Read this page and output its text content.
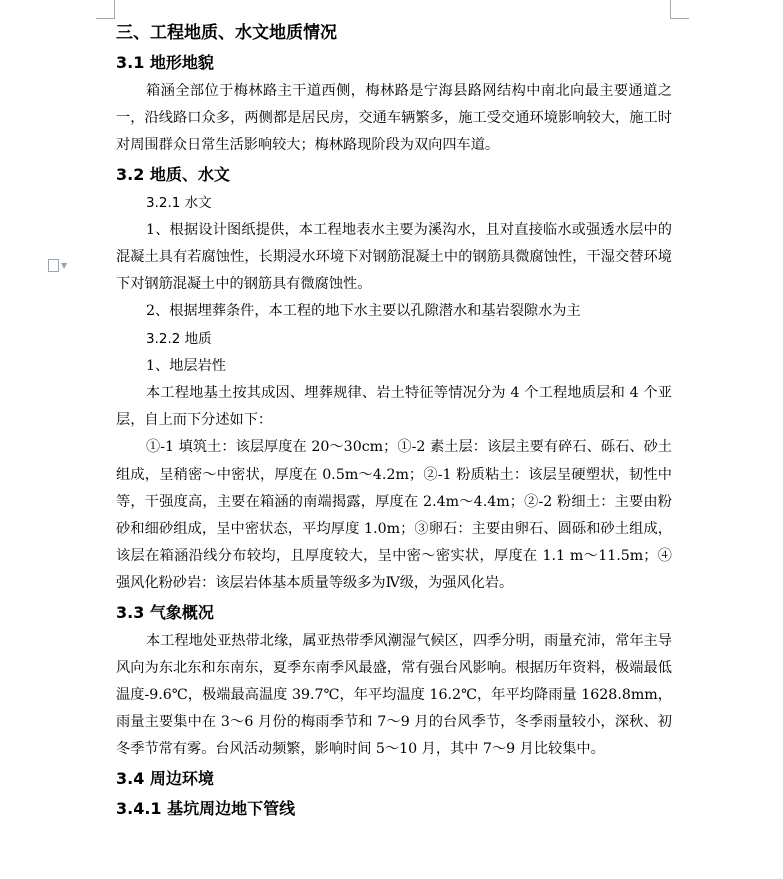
▼
三、工程地质、水文地质情况
3.1 地形地貌

箱涵全部位于梅林路主干道西侧，梅林路是宁海县路网结构中南北向最主要通道之一，沿线路口众多，两侧都是居民房，交通车辆繁多，施工受交通环境影响较大，施工时对周围群众日常生活影响较大；梅林路现阶段为双向四车道。

3.2 地质、水文
3.2.1 水文

1、根据设计图纸提供，本工程地表水主要为溪沟水，且对直接临水或强透水层中的混凝土具有若腐蚀性，长期浸水环境下对钢筋混凝土中的钢筋具微腐蚀性，干湿交替环境下对钢筋混凝土中的钢筋具有微腐蚀性。

2、根据埋葬条件，本工程的地下水主要以孔隙潜水和基岩裂隙水为主

3.2.2 地质

1、地层岩性

本工程地基土按其成因、埋葬规律、岩土特征等情况分为 4 个工程地质层和 4 个亚层，自上而下分述如下：

①-1 填筑土：该层厚度在 20～30cm；①-2 素土层：该层主要有碎石、砾石、砂土组成，呈稍密～中密状，厚度在 0.5m～4.2m；②-1 粉质粘土：该层呈硬塑状，韧性中等，干强度高，主要在箱涵的南端揭露，厚度在 2.4m～4.4m；②-2 粉细土：主要由粉砂和细砂组成，呈中密状态，平均厚度 1.0m；③卵石：主要由卵石、圆砾和砂土组成，该层在箱涵沿线分布较均，且厚度较大，呈中密～密实状，厚度在 1.1 m～11.5m；④强风化粉砂岩：该层岩体基本质量等级多为Ⅳ级，为强风化岩。

3.3 气象概况

本工程地处亚热带北缘，属亚热带季风潮湿气候区，四季分明，雨量充沛，常年主导风向为东北东和东南东，夏季东南季风最盛，常有强台风影响。根据历年资料，极端最低温度-9.6℃，极端最高温度 39.7℃，年平均温度 16.2℃，年平均降雨量 1628.8mm，雨量主要集中在 3～6 月份的梅雨季节和 7～9 月的台风季节，冬季雨量较小，深秋、初冬季节常有雾。台风活动频繁，影响时间 5～10 月，其中 7～9 月比较集中。

3.4 周边环境
3.4.1 基坑周边地下管线
